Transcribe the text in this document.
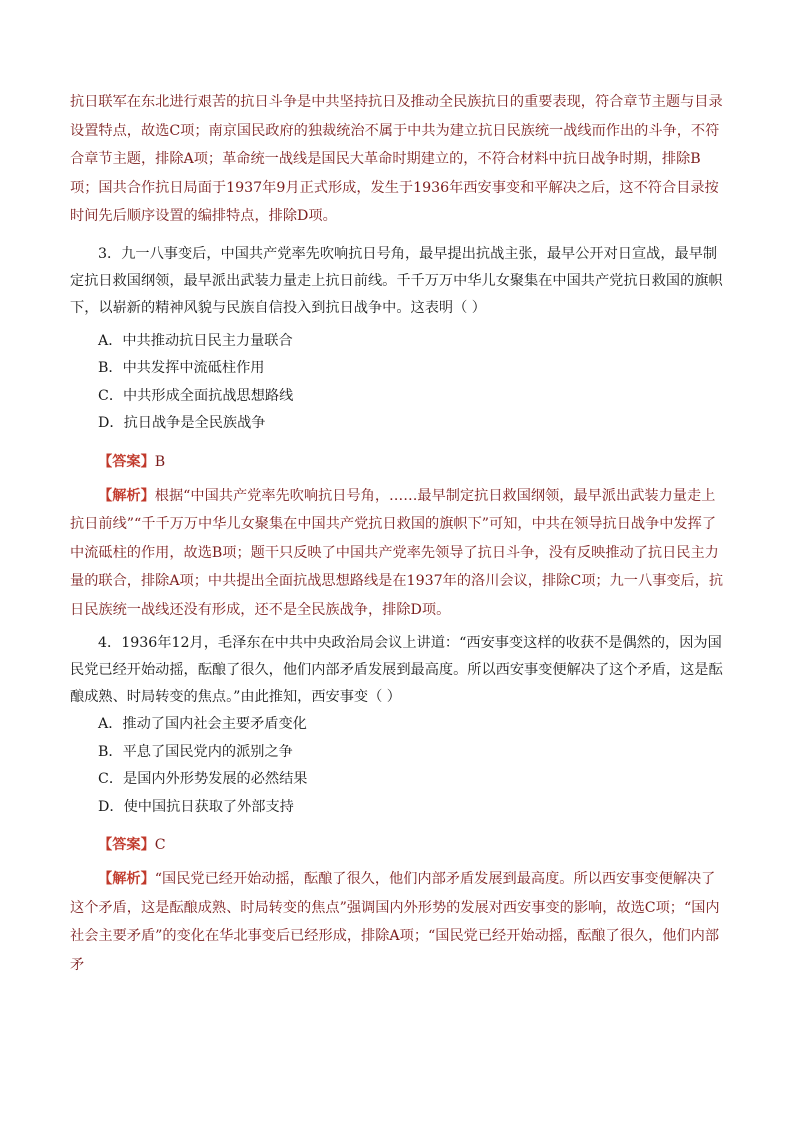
抗日联军在东北进行艰苦的抗日斗争是中共坚持抗日及推动全民族抗日的重要表现，符合章节主题与目录设置特点，故选C项；南京国民政府的独裁统治不属于中共为建立抗日民族统一战线而作出的斗争，不符合章节主题，排除A项；革命统一战线是国民大革命时期建立的，不符合材料中抗日战争时期，排除B项；国共合作抗日局面于1937年9月正式形成，发生于1936年西安事变和平解决之后，这不符合目录按时间先后顺序设置的编排特点，排除D项。

3．九一八事变后，中国共产党率先吹响抗日号角，最早提出抗战主张，最早公开对日宣战，最早制定抗日救国纲领，最早派出武装力量走上抗日前线。千千万万中华儿女聚集在中国共产党抗日救国的旗帜下，以崭新的精神风貌与民族自信投入到抗日战争中。这表明（ ）

A．中共推动抗日民主力量联合

B．中共发挥中流砥柱作用

C．中共形成全面抗战思想路线

D．抗日战争是全民族战争

【答案】B

【解析】根据“中国共产党率先吹响抗日号角，……最早制定抗日救国纲领，最早派出武装力量走上抗日前线”“千千万万中华儿女聚集在中国共产党抗日救国的旗帜下”可知，中共在领导抗日战争中发挥了中流砥柱的作用，故选B项；题干只反映了中国共产党率先领导了抗日斗争，没有反映推动了抗日民主力量的联合，排除A项；中共提出全面抗战思想路线是在1937年的洛川会议，排除C项；九一八事变后，抗日民族统一战线还没有形成，还不是全民族战争，排除D项。

4．1936年12月，毛泽东在中共中央政治局会议上讲道：“西安事变这样的收获不是偶然的，因为国民党已经开始动摇，酝酿了很久，他们内部矛盾发展到最高度。所以西安事变便解决了这个矛盾，这是酝酿成熟、时局转变的焦点。”由此推知，西安事变（ ）

A．推动了国内社会主要矛盾变化

B．平息了国民党内的派别之争

C．是国内外形势发展的必然结果

D．使中国抗日获取了外部支持

【答案】C

【解析】“国民党已经开始动摇，酝酿了很久，他们内部矛盾发展到最高度。所以西安事变便解决了这个矛盾，这是酝酿成熟、时局转变的焦点”强调国内外形势的发展对西安事变的影响，故选C项；“国内社会主要矛盾”的变化在华北事变后已经形成，排除A项；“国民党已经开始动摇，酝酿了很久，他们内部矛
